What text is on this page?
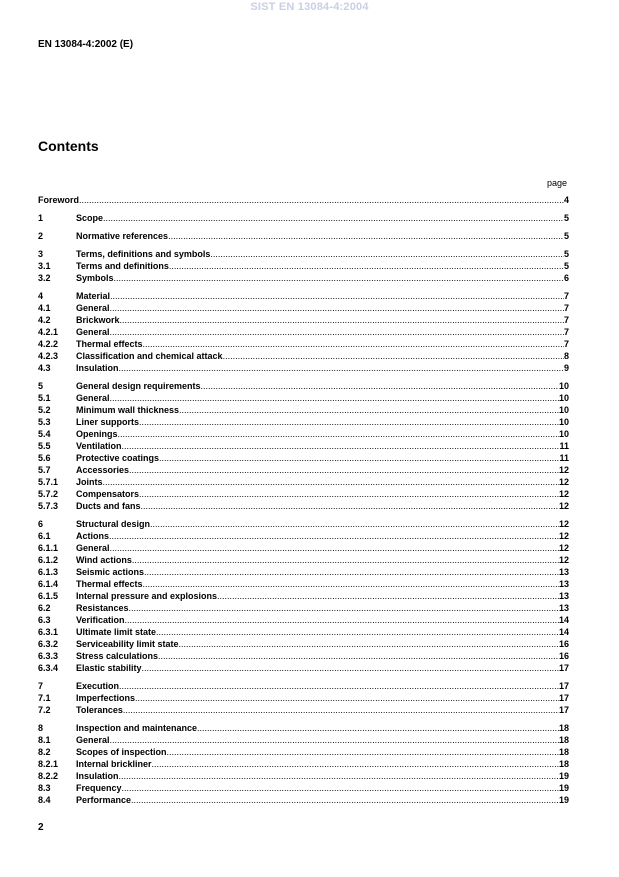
SIST EN 13084-4:2004
EN 13084-4:2002 (E)
Contents
page
Foreword .....	4
1	Scope .....	5
2	Normative references .....	5
3	Terms, definitions and symbols .....	5
3.1	Terms and definitions .....	5
3.2	Symbols .....	6
4	Material .....	7
4.1	General .....	7
4.2	Brickwork .....	7
4.2.1	General .....	7
4.2.2	Thermal effects .....	7
4.2.3	Classification and chemical attack .....	8
4.3	Insulation .....	9
5	General design requirements .....	10
5.1	General .....	10
5.2	Minimum wall thickness .....	10
5.3	Liner supports .....	10
5.4	Openings .....	10
5.5	Ventilation .....	11
5.6	Protective coatings .....	11
5.7	Accessories .....	12
5.7.1	Joints .....	12
5.7.2	Compensators .....	12
5.7.3	Ducts and fans .....	12
6	Structural design .....	12
6.1	Actions .....	12
6.1.1	General .....	12
6.1.2	Wind actions .....	12
6.1.3	Seismic actions .....	13
6.1.4	Thermal effects .....	13
6.1.5	Internal pressure and explosions .....	13
6.2	Resistances .....	13
6.3	Verification .....	14
6.3.1	Ultimate limit state .....	14
6.3.2	Serviceability limit state .....	16
6.3.3	Stress calculations .....	16
6.3.4	Elastic stability .....	17
7	Execution .....	17
7.1	Imperfections .....	17
7.2	Tolerances .....	17
8	Inspection and maintenance .....	18
8.1	General .....	18
8.2	Scopes of inspection .....	18
8.2.1	Internal brickliner .....	18
8.2.2	Insulation .....	19
8.3	Frequency .....	19
8.4	Performance .....	19
2
